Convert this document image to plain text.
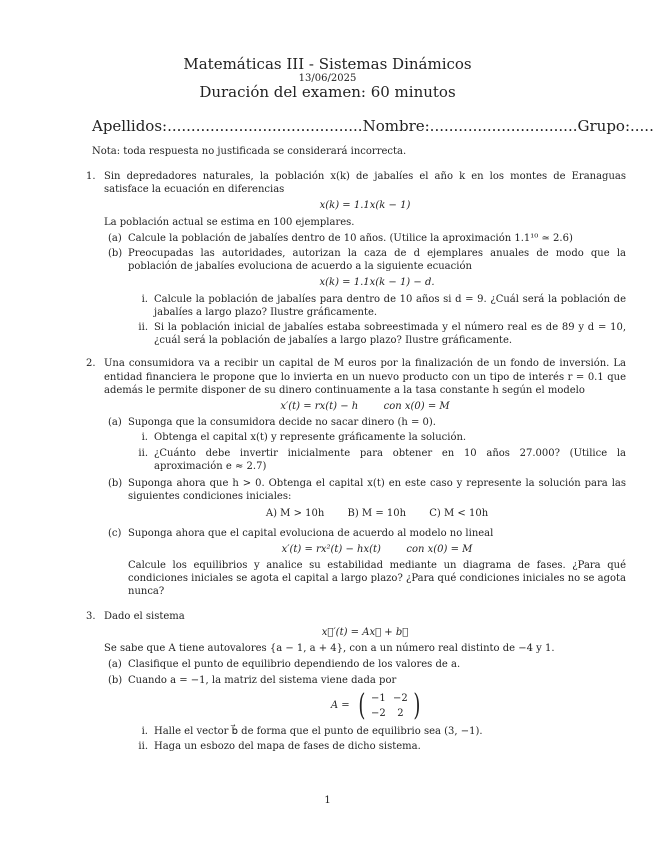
Matemáticas III - Sistemas Dinámicos
13/06/2025
Duración del examen: 60 minutos
Apellidos:......................................... Nombre:............................... Grupo:.....
Nota: toda respuesta no justificada se considerará incorrecta.
1. Sin depredadores naturales, la población x(k) de jabalíes el año k en los montes de Eranaguas satisface la ecuación en diferencias
x(k) = 1.1x(k − 1)
La población actual se estima en 100 ejemplares.
(a) Calcule la población de jabalíes dentro de 10 años. (Utilice la aproximación 1.1¹⁰ ≃ 2.6)
(b) Preocupadas las autoridades, autorizan la caza de d ejemplares anuales de modo que la población de jabalíes evoluciona de acuerdo a la siguiente ecuación
x(k) = 1.1x(k − 1) − d.
i. Calcule la población de jabalíes para dentro de 10 años si d = 9. ¿Cuál será la población de jabalíes a largo plazo? Ilustre gráficamente.
ii. Si la población inicial de jabalíes estaba sobreestimada y el número real es de 89 y d = 10, ¿cuál será la población de jabalíes a largo plazo? Ilustre gráficamente.
2. Una consumidora va a recibir un capital de M euros por la finalización de un fondo de inversión. La entidad financiera le propone que lo invierta en un nuevo producto con un tipo de interés r = 0.1 que además le permite disponer de su dinero continuamente a la tasa constante h según el modelo
x′(t) = rx(t) − h        con x(0) = M
(a) Suponga que la consumidora decide no sacar dinero (h = 0).
i. Obtenga el capital x(t) y represente gráficamente la solución.
ii. ¿Cuánto debe invertir inicialmente para obtener en 10 años 27.000? (Utilice la aproximación e ≈ 2.7)
(b) Suponga ahora que h > 0. Obtenga el capital x(t) en este caso y represente la solución para las siguientes condiciones iniciales:
A) M > 10h B) M = 10h C) M < 10h
(c) Suponga ahora que el capital evoluciona de acuerdo al modelo no lineal
x′(t) = rx²(t) − hx(t)        con x(0) = M
Calcule los equilibrios y analice su estabilidad mediante un diagrama de fases. ¿Para qué condiciones iniciales se agota el capital a largo plazo? ¿Para qué condiciones iniciales no se agota nunca?
3. Dado el sistema
x⃗′(t) = Ax⃗ + b⃗
Se sabe que A tiene autovalores {a − 1, a + 4}, con a un número real distinto de −4 y 1.
(a) Clasifique el punto de equilibrio dependiendo de los valores de a.
(b) Cuando a = −1, la matriz del sistema viene dada por
A = ( −1 −2
−2	2 )
i. Halle el vector b⃗ de forma que el punto de equilibrio sea (3, −1).
ii. Haga un esbozo del mapa de fases de dicho sistema.
1
